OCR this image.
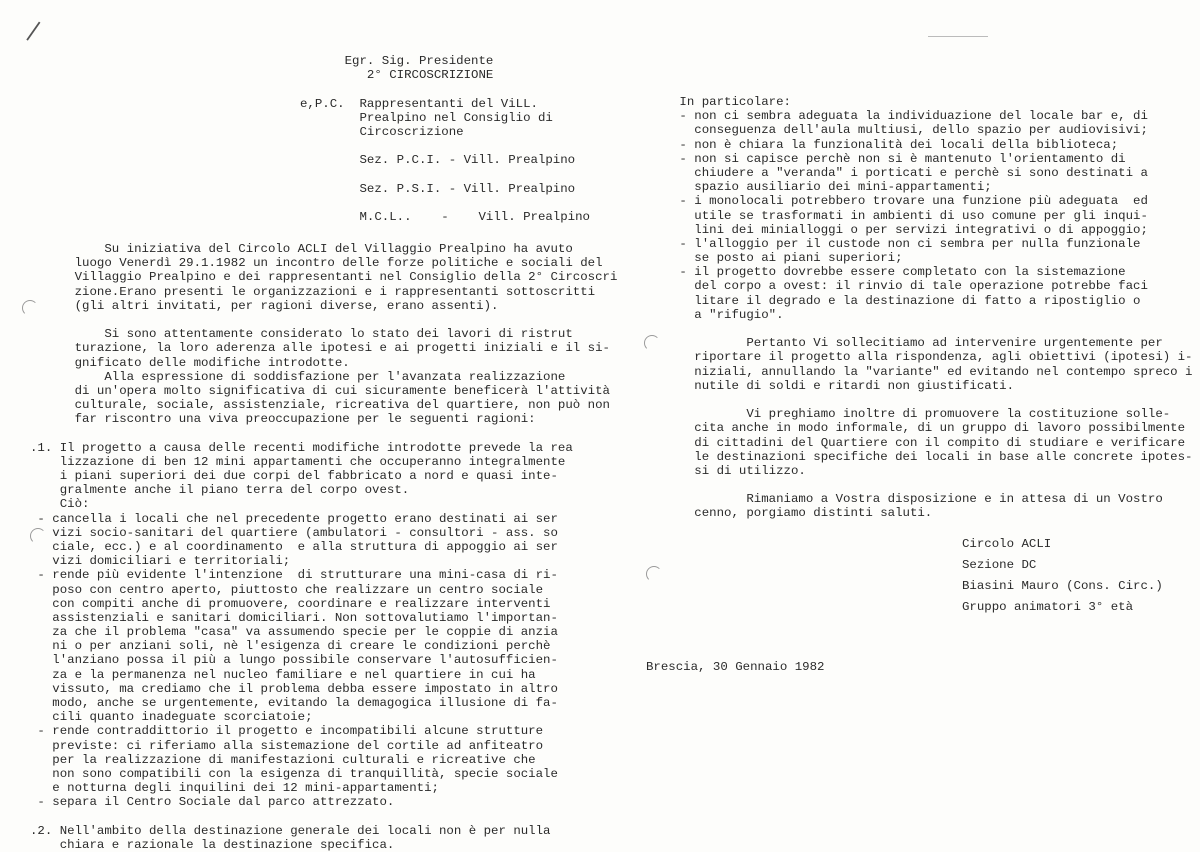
|
Egr. Sig. Presidente
2° CIRCOSCRIZIONE
e,P.C.  Rappresentanti del ViLL.
Prealpino nel Consiglio di
Circoscrizione
Sez. P.C.I. - Vill. Prealpino
Sez. P.S.I. - Vill. Prealpino
M.C.L..    -    Vill. Prealpino
Su iniziativa del Circolo ACLI del Villaggio Prealpino ha avuto
luogo Venerdì 29.1.1982 un incontro delle forze politiche e sociali del
Villaggio Prealpino e dei rappresentanti nel Consiglio della 2° Circoscri
zione.Erano presenti le organizzazioni e i rappresentanti sottoscritti
(gli altri invitati, per ragioni diverse, erano assenti).
Si sono attentamente considerato lo stato dei lavori di ristrut
turazione, la loro aderenza alle ipotesi e ai progetti iniziali e il si-
gnificato delle modifiche introdotte.
Alla espressione di soddisfazione per l'avanzata realizzazione
di un'opera molto significativa di cui sicuramente beneficerà l'attività
culturale, sociale, assistenziale, ricreativa del quartiere, non può non
far riscontro una viva preoccupazione per le seguenti ragioni:
.1. Il progetto a causa delle recenti modifiche introdotte prevede la rea
lizzazione di ben 12 mini appartamenti che occuperanno integralmente
i piani superiori dei due corpi del fabbricato a nord e quasi inte-
gralmente anche il piano terra del corpo ovest.
Ciò:
- cancella i locali che nel precedente progetto erano destinati ai ser
vizi socio-sanitari del quartiere (ambulatori - consultori - ass. so
ciale, ecc.) e al coordinamento  e alla struttura di appoggio ai ser
vizi domiciliari e territoriali;
- rende più evidente l'intenzione  di strutturare una mini-casa di ri-
poso con centro aperto, piuttosto che realizzare un centro sociale
con compiti anche di promuovere, coordinare e realizzare interventi
assistenziali e sanitari domiciliari. Non sottovalutiamo l'importan-
za che il problema "casa" va assumendo specie per le coppie di anzia
ni o per anziani soli, nè l'esigenza di creare le condizioni perchè
l'anziano possa il più a lungo possibile conservare l'autosufficien-
za e la permanenza nel nucleo familiare e nel quartiere in cui ha
vissuto, ma crediamo che il problema debba essere impostato in altro
modo, anche se urgentemente, evitando la demagogica illusione di fa-
cili quanto inadeguate scorciatoie;
- rende contraddittorio il progetto e incompatibili alcune strutture
previste: ci riferiamo alla sistemazione del cortile ad anfiteatro
per la realizzazione di manifestazioni culturali e ricreative che
non sono compatibili con la esigenza di tranquillità, specie sociale
e notturna degli inquilini dei 12 mini-appartamenti;
- separa il Centro Sociale dal parco attrezzato.
.2. Nell'ambito della destinazione generale dei locali non è per nulla
chiara e razionale la destinazione specifica.
In particolare:
- non ci sembra adeguata la individuazione del locale bar e, di
conseguenza dell'aula multiusi, dello spazio per audiovisivi;
- non è chiara la funzionalità dei locali della biblioteca;
- non si capisce perchè non si è mantenuto l'orientamento di
chiudere a "veranda" i porticati e perchè si sono destinati a
spazio ausiliario dei mini-appartamenti;
- i monolocali potrebbero trovare una funzione più adeguata  ed
utile se trasformati in ambienti di uso comune per gli inqui-
lini dei minialloggi o per servizi integrativi o di appoggio;
- l'alloggio per il custode non ci sembra per nulla funzionale
se posto ai piani superiori;
- il progetto dovrebbe essere completato con la sistemazione
del corpo a ovest: il rinvio di tale operazione potrebbe faci
litare il degrado e la destinazione di fatto a ripostiglio o
a "rifugio".
Pertanto Vi sollecitiamo ad intervenire urgentemente per
riportare il progetto alla rispondenza, agli obiettivi (ipotesi) i-
niziali, annullando la "variante" ed evitando nel contempo spreco i
nutile di soldi e ritardi non giustificati.
Vi preghiamo inoltre di promuovere la costituzione solle-
cita anche in modo informale, di un gruppo di lavoro possibilmente
di cittadini del Quartiere con il compito di studiare e verificare
le destinazioni specifiche dei locali in base alle concrete ipotes-
si di utilizzo.
Rimaniamo a Vostra disposizione e in attesa di un Vostro
cenno, porgiamo distinti saluti.
Circolo ACLI
Sezione DC
Biasini Mauro (Cons. Circ.)
Gruppo animatori 3° età
Brescia, 30 Gennaio 1982
